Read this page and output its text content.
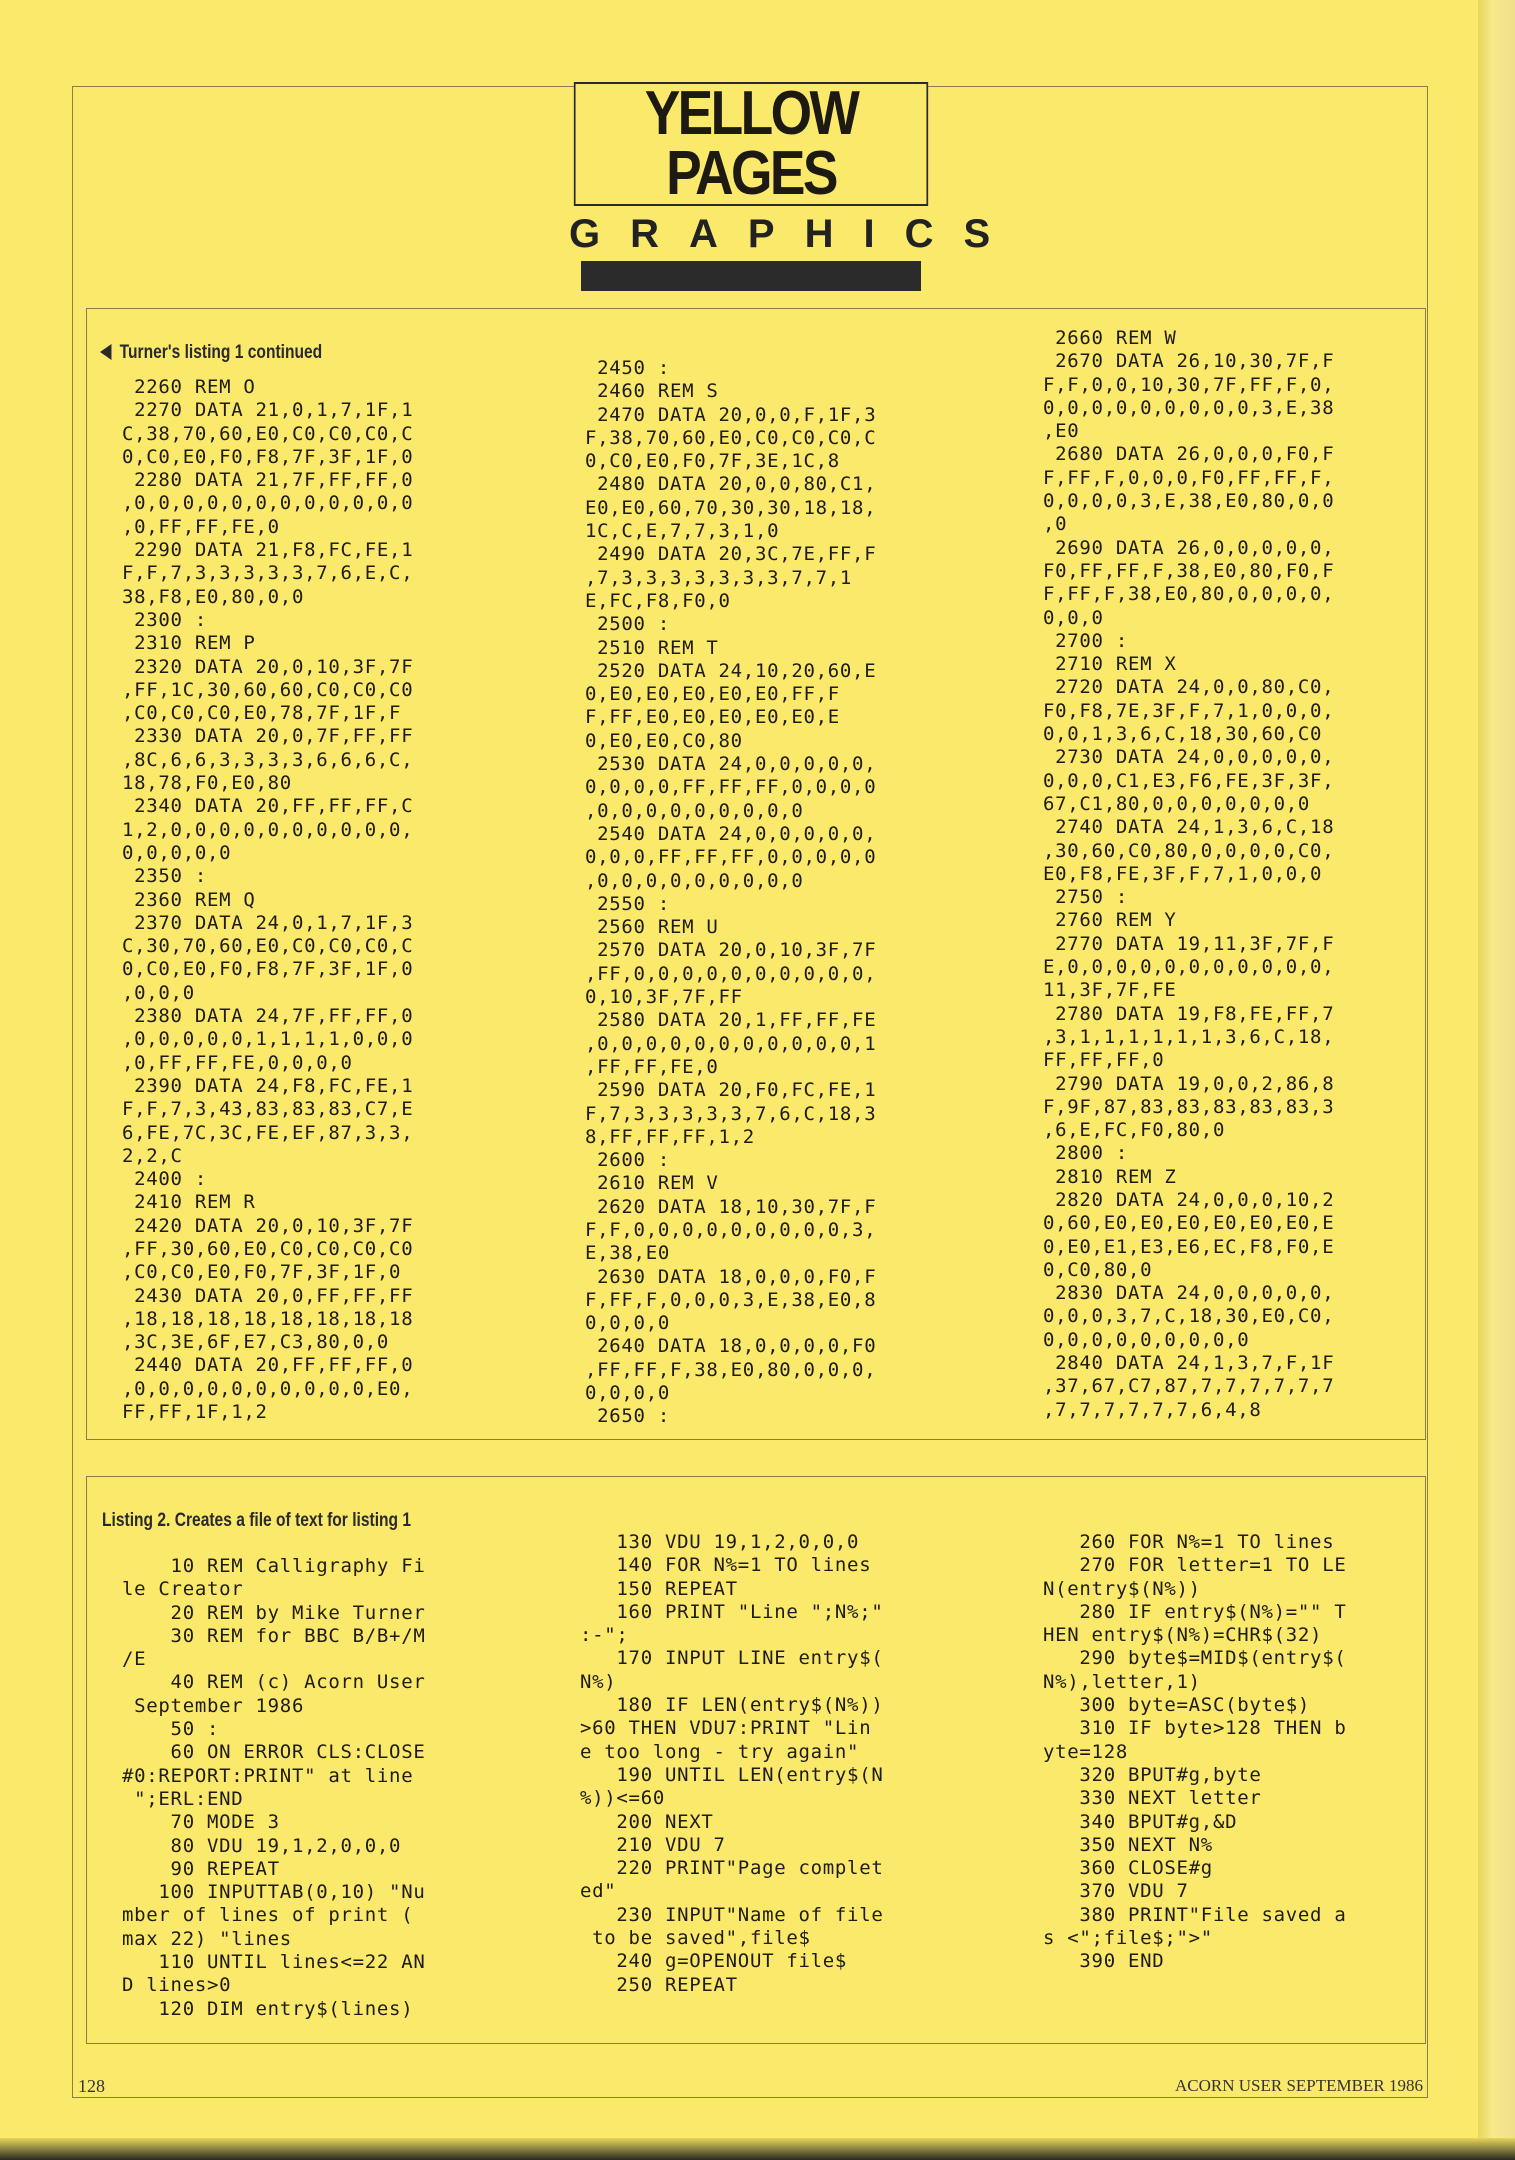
YELLOW PAGES
GRAPHICS
Turner's listing 1 continued
2260 REM O
2270 DATA 21,0,1,7,1F,1
C,38,70,60,E0,C0,C0,C0,C
0,C0,E0,F0,F8,7F,3F,1F,0
2280 DATA 21,7F,FF,FF,0
,0,0,0,0,0,0,0,0,0,0,0,0
,0,FF,FF,FE,0
2290 DATA 21,F8,FC,FE,1
F,F,7,3,3,3,3,3,7,6,E,C,
38,F8,E0,80,0,0
2300 :
2310 REM P
2320 DATA 20,0,10,3F,7F
,FF,1C,30,60,60,C0,C0,C0
,C0,C0,C0,E0,78,7F,1F,F
2330 DATA 20,0,7F,FF,FF
,8C,6,6,3,3,3,3,6,6,6,C,
18,78,F0,E0,80
2340 DATA 20,FF,FF,FF,C
1,2,0,0,0,0,0,0,0,0,0,0,
0,0,0,0,0
2350 :
2360 REM Q
2370 DATA 24,0,1,7,1F,3
C,30,70,60,E0,C0,C0,C0,C
0,C0,E0,F0,F8,7F,3F,1F,0
,0,0,0
2380 DATA 24,7F,FF,FF,0
,0,0,0,0,0,1,1,1,1,0,0,0
,0,FF,FF,FE,0,0,0,0
2390 DATA 24,F8,FC,FE,1
F,F,7,3,43,83,83,83,C7,E
6,FE,7C,3C,FE,EF,87,3,3,
2,2,C
2400 :
2410 REM R
2420 DATA 20,0,10,3F,7F
,FF,30,60,E0,C0,C0,C0,C0
,C0,C0,E0,F0,7F,3F,1F,0
2430 DATA 20,0,FF,FF,FF
,18,18,18,18,18,18,18,18
,3C,3E,6F,E7,C3,80,0,0
2440 DATA 20,FF,FF,FF,0
,0,0,0,0,0,0,0,0,0,0,E0,
FF,FF,1F,1,2
2450 :
2460 REM S
2470 DATA 20,0,0,F,1F,3
F,38,70,60,E0,C0,C0,C0,C
0,C0,E0,F0,7F,3E,1C,8
2480 DATA 20,0,0,80,C1,
E0,E0,60,70,30,30,18,18,
1C,C,E,7,7,3,1,0
2490 DATA 20,3C,7E,FF,F
,7,3,3,3,3,3,3,3,7,7,1
E,FC,F8,F0,0
2500 :
2510 REM T
2520 DATA 24,10,20,60,E
0,E0,E0,E0,E0,E0,FF,F
F,FF,E0,E0,E0,E0,E0,E
0,E0,E0,C0,80
2530 DATA 24,0,0,0,0,0,
0,0,0,0,FF,FF,FF,0,0,0,0
,0,0,0,0,0,0,0,0,0
2540 DATA 24,0,0,0,0,0,
0,0,0,FF,FF,FF,0,0,0,0,0
,0,0,0,0,0,0,0,0,0
2550 :
2560 REM U
2570 DATA 20,0,10,3F,7F
,FF,0,0,0,0,0,0,0,0,0,0,
0,10,3F,7F,FF
2580 DATA 20,1,FF,FF,FE
,0,0,0,0,0,0,0,0,0,0,0,1
,FF,FF,FE,0
2590 DATA 20,F0,FC,FE,1
F,7,3,3,3,3,3,7,6,C,18,3
8,FF,FF,FF,1,2
2600 :
2610 REM V
2620 DATA 18,10,30,7F,F
F,F,0,0,0,0,0,0,0,0,0,3,
E,38,E0
2630 DATA 18,0,0,0,F0,F
F,FF,F,0,0,0,3,E,38,E0,8
0,0,0,0
2640 DATA 18,0,0,0,0,F0
,FF,FF,F,38,E0,80,0,0,0,
0,0,0,0
2650 :
2660 REM W
2670 DATA 26,10,30,7F,F
F,F,0,0,10,30,7F,FF,F,0,
0,0,0,0,0,0,0,0,0,3,E,38
,E0
2680 DATA 26,0,0,0,F0,F
F,FF,F,0,0,0,F0,FF,FF,F,
0,0,0,0,3,E,38,E0,80,0,0
,0
2690 DATA 26,0,0,0,0,0,
F0,FF,FF,F,38,E0,80,F0,F
F,FF,F,38,E0,80,0,0,0,0,
0,0,0
2700 :
2710 REM X
2720 DATA 24,0,0,80,C0,
F0,F8,7E,3F,F,7,1,0,0,0,
0,0,1,3,6,C,18,30,60,C0
2730 DATA 24,0,0,0,0,0,
0,0,0,C1,E3,F6,FE,3F,3F,
67,C1,80,0,0,0,0,0,0,0
2740 DATA 24,1,3,6,C,18
,30,60,C0,80,0,0,0,0,C0,
E0,F8,FE,3F,F,7,1,0,0,0
2750 :
2760 REM Y
2770 DATA 19,11,3F,7F,F
E,0,0,0,0,0,0,0,0,0,0,0,
11,3F,7F,FE
2780 DATA 19,F8,FE,FF,7
,3,1,1,1,1,1,1,3,6,C,18,
FF,FF,FF,0
2790 DATA 19,0,0,2,86,8
F,9F,87,83,83,83,83,83,3
,6,E,FC,F0,80,0
2800 :
2810 REM Z
2820 DATA 24,0,0,0,10,2
0,60,E0,E0,E0,E0,E0,E0,E
0,E0,E1,E3,E6,EC,F8,F0,E
0,C0,80,0
2830 DATA 24,0,0,0,0,0,
0,0,0,3,7,C,18,30,E0,C0,
0,0,0,0,0,0,0,0,0
2840 DATA 24,1,3,7,F,1F
,37,67,C7,87,7,7,7,7,7,7
,7,7,7,7,7,7,6,4,8
Listing 2. Creates a file of text for listing 1
10 REM Calligraphy Fi
le Creator
20 REM by Mike Turner
30 REM for BBC B/B+/M
/E
40 REM (c) Acorn User
September 1986
50 :
60 ON ERROR CLS:CLOSE
#0:REPORT:PRINT" at line
";ERL:END
70 MODE 3
80 VDU 19,1,2,0,0,0
90 REPEAT
100 INPUTTAB(0,10) "Nu
mber of lines of print (
max 22) "lines
110 UNTIL lines<=22 AN
D lines>0
120 DIM entry$(lines)
130 VDU 19,1,2,0,0,0
140 FOR N%=1 TO lines
150 REPEAT
160 PRINT "Line ";N%;"
:-";
170 INPUT LINE entry$(
N%)
180 IF LEN(entry$(N%))
>60 THEN VDU7:PRINT "Lin
e too long - try again"
190 UNTIL LEN(entry$(N
%))<=60
200 NEXT
210 VDU 7
220 PRINT"Page complet
ed"
230 INPUT"Name of file
to be saved",file$
240 g=OPENOUT file$
250 REPEAT
260 FOR N%=1 TO lines
270 FOR letter=1 TO LE
N(entry$(N%))
280 IF entry$(N%)="" T
HEN entry$(N%)=CHR$(32)
290 byte$=MID$(entry$(
N%),letter,1)
300 byte=ASC(byte$)
310 IF byte>128 THEN b
yte=128
320 BPUT#g,byte
330 NEXT letter
340 BPUT#g,&D
350 NEXT N%
360 CLOSE#g
370 VDU 7
380 PRINT"File saved a
s <";file$;">"
390 END
128	ACORN USER SEPTEMBER 1986
